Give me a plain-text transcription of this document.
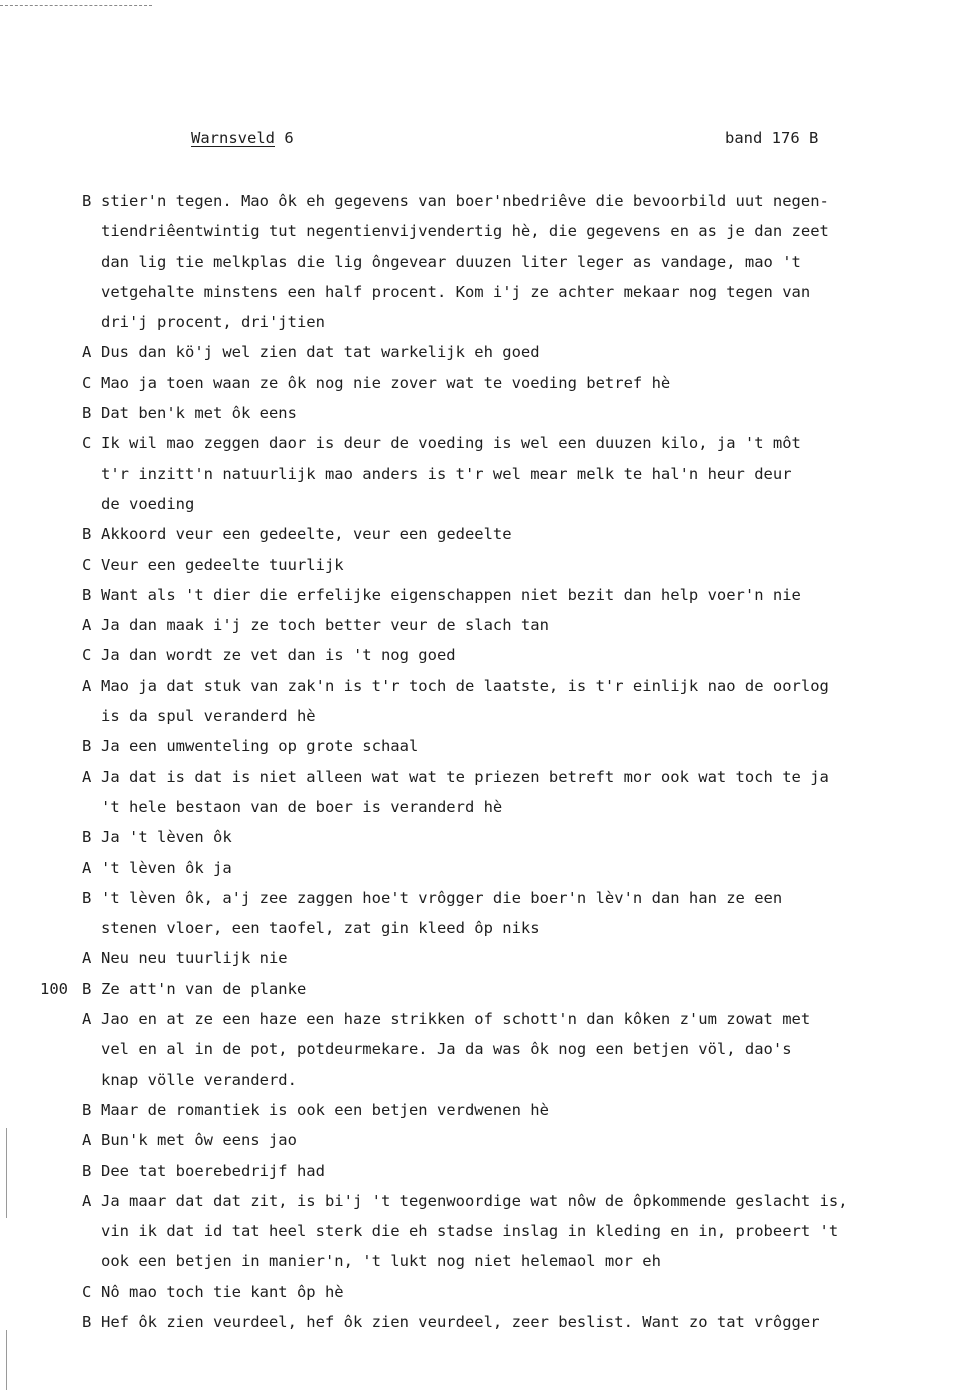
Warnsveld 6	band 176 B
B stier'n tegen. Mao ôk eh gegevens van boer'nbedriêve die bevoorbild uut negen-
tiendriêentwintig tut negentienvijvendertig hè, die gegevens en as je dan zeet
dan lig tie melkplas die lig ôngevear duuzen liter leger as vandage, mao 't
vetgehalte minstens een half procent. Kom i'j ze achter mekaar nog tegen van
dri'j procent, dri'jtien
A Dus dan kö'j wel zien dat tat warkelijk eh goed
C Mao ja toen waan ze ôk nog nie zover wat te voeding betref hè
B Dat ben'k met ôk eens
C Ik wil mao zeggen daor is deur de voeding is wel een duuzen kilo, ja 't môt
t'r inzitt'n natuurlijk mao anders is t'r wel mear melk te hal'n heur deur
de voeding
B Akkoord veur een gedeelte, veur een gedeelte
C Veur een gedeelte tuurlijk
B Want als 't dier die erfelijke eigenschappen niet bezit dan help voer'n nie
A Ja dan maak i'j ze toch better veur de slach tan
C Ja dan wordt ze vet dan is 't nog goed
A Mao ja dat stuk van zak'n is t'r toch de laatste, is t'r einlijk nao de oorlog
is da spul veranderd hè
B Ja een umwenteling op grote schaal
A Ja dat is dat is niet alleen wat wat te priezen betreft mor ook wat toch te ja
't hele bestaon van de boer is veranderd hè
B Ja 't lèven ôk
A 't lèven ôk ja
B 't lèven ôk, a'j zee zaggen hoe't vrôgger die boer'n lèv'n dan han ze een
stenen vloer, een taofel, zat gin kleed ôp niks
A Neu neu tuurlijk nie
100 B Ze att'n van de planke
A Jao en at ze een haze een haze strikken of schott'n dan kôken z'um zowat met
vel en al in de pot, potdeurmekare. Ja da was ôk nog een betjen völ, dao's
knap völle veranderd.
B Maar de romantiek is ook een betjen verdwenen hè
A Bun'k met ôw eens jao
B Dee tat boerebedrijf had
A Ja maar dat dat zit, is bi'j 't tegenwoordige wat nôw de ôpkommende geslacht is,
vin ik dat id tat heel sterk die eh stadse inslag in kleding en in, probeert 't
ook een betjen in manier'n, 't lukt nog niet helemaol mor eh
C Nô mao toch tie kant ôp hè
B Hef ôk zien veurdeel, hef ôk zien veurdeel, zeer beslist. Want zo tat vrôgger
